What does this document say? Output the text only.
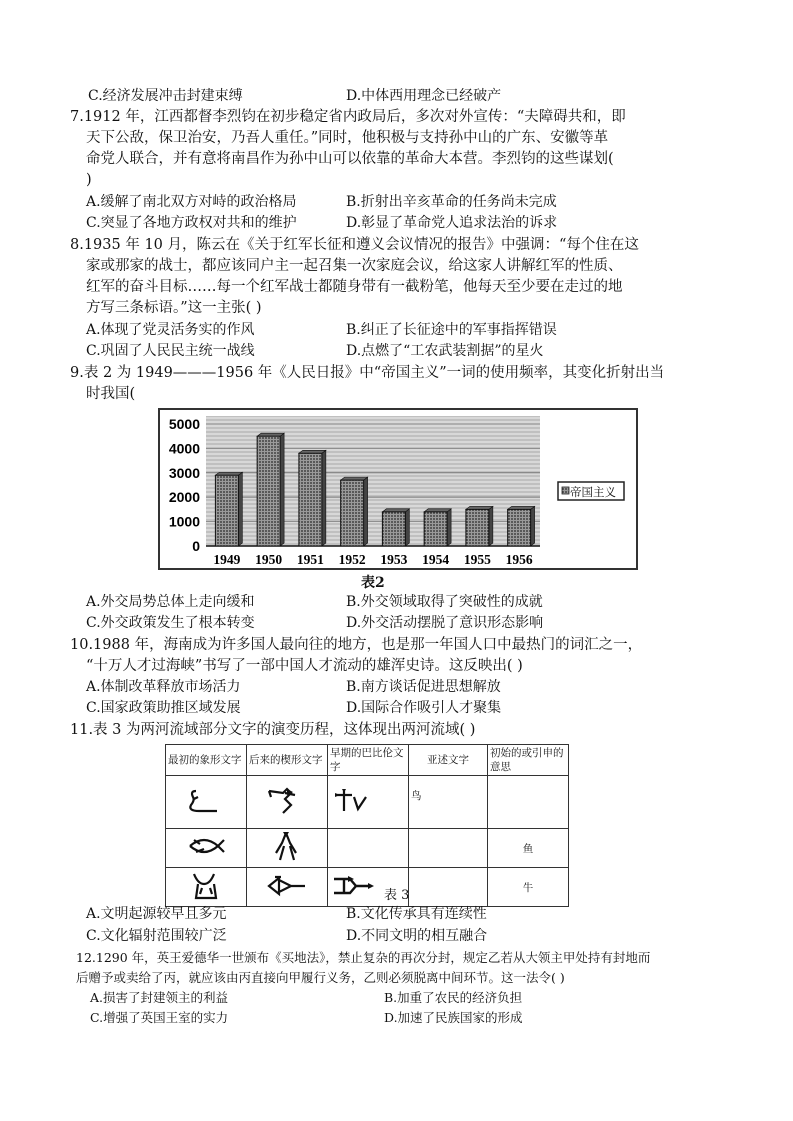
C.经济发展冲击封建束缚	D.中体西用理念已经破产
7.1912 年，江西都督李烈钧在初步稳定省内政局后，多次对外宣传：“夫障碍共和，即
天下公敌，保卫治安，乃吾人重任。”同时，他积极与支持孙中山的广东、安徽等革
命党人联合，并有意将南昌作为孙中山可以依靠的革命大本营。李烈钧的这些谋划(
)
A.缓解了南北双方对峙的政治格局	B.折射出辛亥革命的任务尚未完成
C.突显了各地方政权对共和的维护	D.彰显了革命党人追求法治的诉求
8.1935 年 10 月，陈云在《关于红军长征和遵义会议情况的报告》中强调：“每个住在这
家或那家的战士，都应该同户主一起召集一次家庭会议，给这家人讲解红军的性质、
红军的奋斗目标……每一个红军战士都随身带有一截粉笔，他每天至少要在走过的地
方写三条标语。”这一主张( )
A.体现了党灵活务实的作风	B.纠正了长征途中的军事指挥错误
C.巩固了人民民主统一战线	D.点燃了“工农武装割据”的星火
9.表 2 为 1949———1956 年《人民日报》中“帝国主义”一词的使用频率，其变化折射出当
时我国(
0
1000
2000
3000
4000
5000
1949 1950 1951 1952 1953 1954 1955 1956
帝国主义
表2
A.外交局势总体上走向缓和	B.外交领域取得了突破性的成就
C.外交政策发生了根本转变	D.外交活动摆脱了意识形态影响
10.1988 年，海南成为许多国人最向往的地方，也是那一年国人口中最热门的词汇之一，
“十万人才过海峡”书写了一部中国人才流动的雄浑史诗。这反映出( )
A.体制改革释放市场活力	B.南方谈话促进思想解放
C.国家政策助推区域发展	D.国际合作吸引人才聚集
11.表 3 为两河流域部分文字的演变历程，这体现出两河流域( )
最初的象形文字	后来的楔形文字	早期的巴比伦文字	亚述文字	初始的或引申的意思
			鸟	
				鱼
				牛
表 3
A.文明起源较早且多元	B.文化传承具有连续性
C.文化辐射范围较广泛	D.不同文明的相互融合
12.1290 年，英王爱德华一世颁布《买地法》，禁止复杂的再次分封，规定乙若从大领主甲处持有封地而
后赠予或卖给了丙，就应该由丙直接向甲履行义务，乙则必须脱离中间环节。这一法令( )
A.损害了封建领主的利益	B.加重了农民的经济负担
C.增强了英国王室的实力	D.加速了民族国家的形成
